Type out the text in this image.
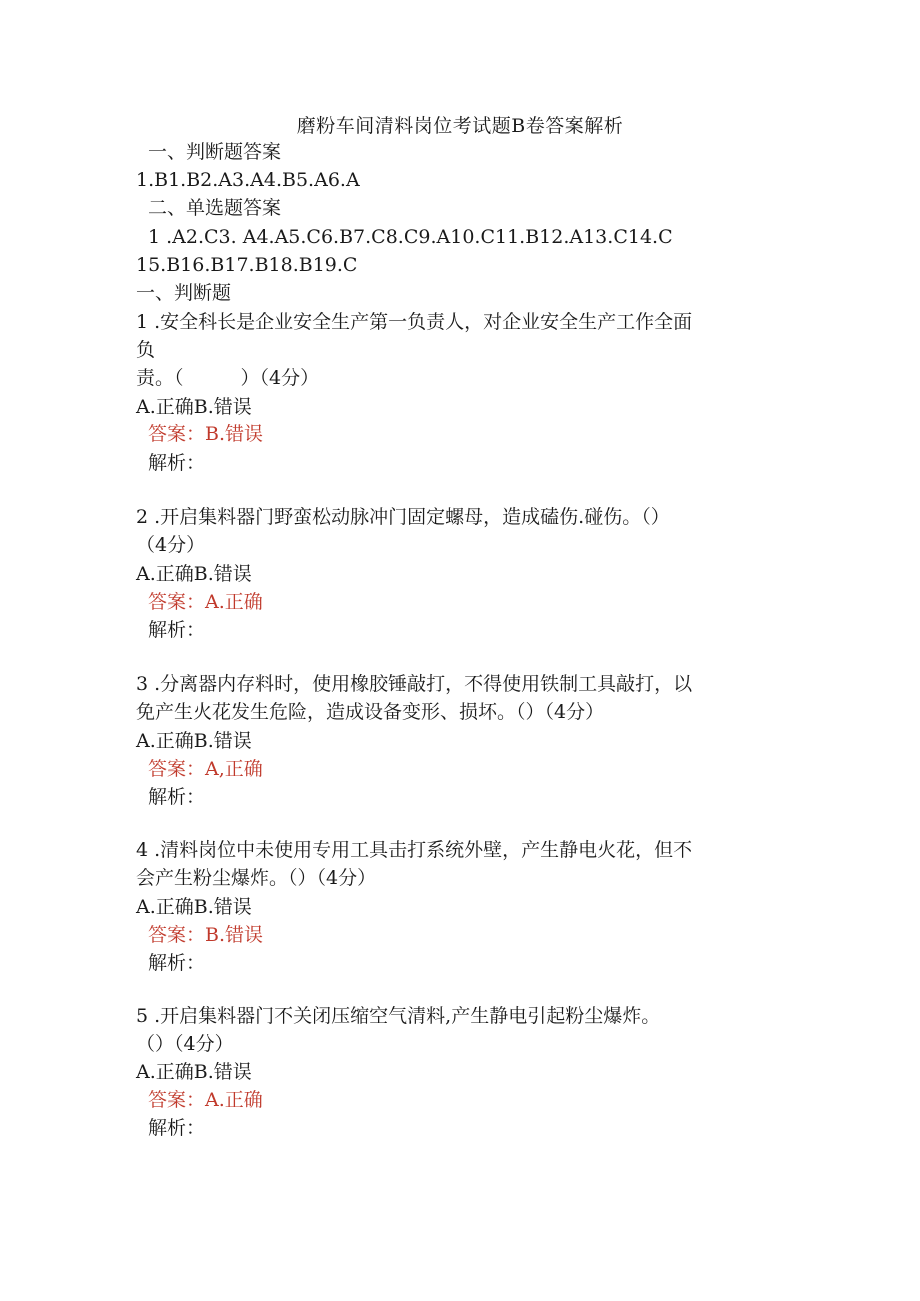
磨粉车间清料岗位考试题B卷答案解析
一、判断题答案
1.B1.B2.A3.A4.B5.A6.A
二、单选题答案
1 .A2.C3. A4.A5.C6.B7.C8.C9.A10.C11.B12.A13.C14.C
15.B16.B17.B18.B19.C
一、判断题
1 .安全科长是企业安全生产第一负责人，对企业安全生产工作全面
负
责。（　　　）（4分）
A.正确B.错误
答案：B.错误
解析：
2 .开启集料器门野蛮松动脉冲门固定螺母，造成磕伤.碰伤。（）
（4分）
A.正确B.错误
答案：A.正确
解析：
3 .分离器内存料时，使用橡胶锤敲打，不得使用铁制工具敲打，以
免产生火花发生危险，造成设备变形、损坏。（）（4分）
A.正确B.错误
答案：A,正确
解析：
4 .清料岗位中未使用专用工具击打系统外壁，产生静电火花，但不
会产生粉尘爆炸。（）（4分）
A.正确B.错误
答案：B.错误
解析：
5 .开启集料器门不关闭压缩空气清料,产生静电引起粉尘爆炸。
（）（4分）
A.正确B.错误
答案：A.正确
解析：
